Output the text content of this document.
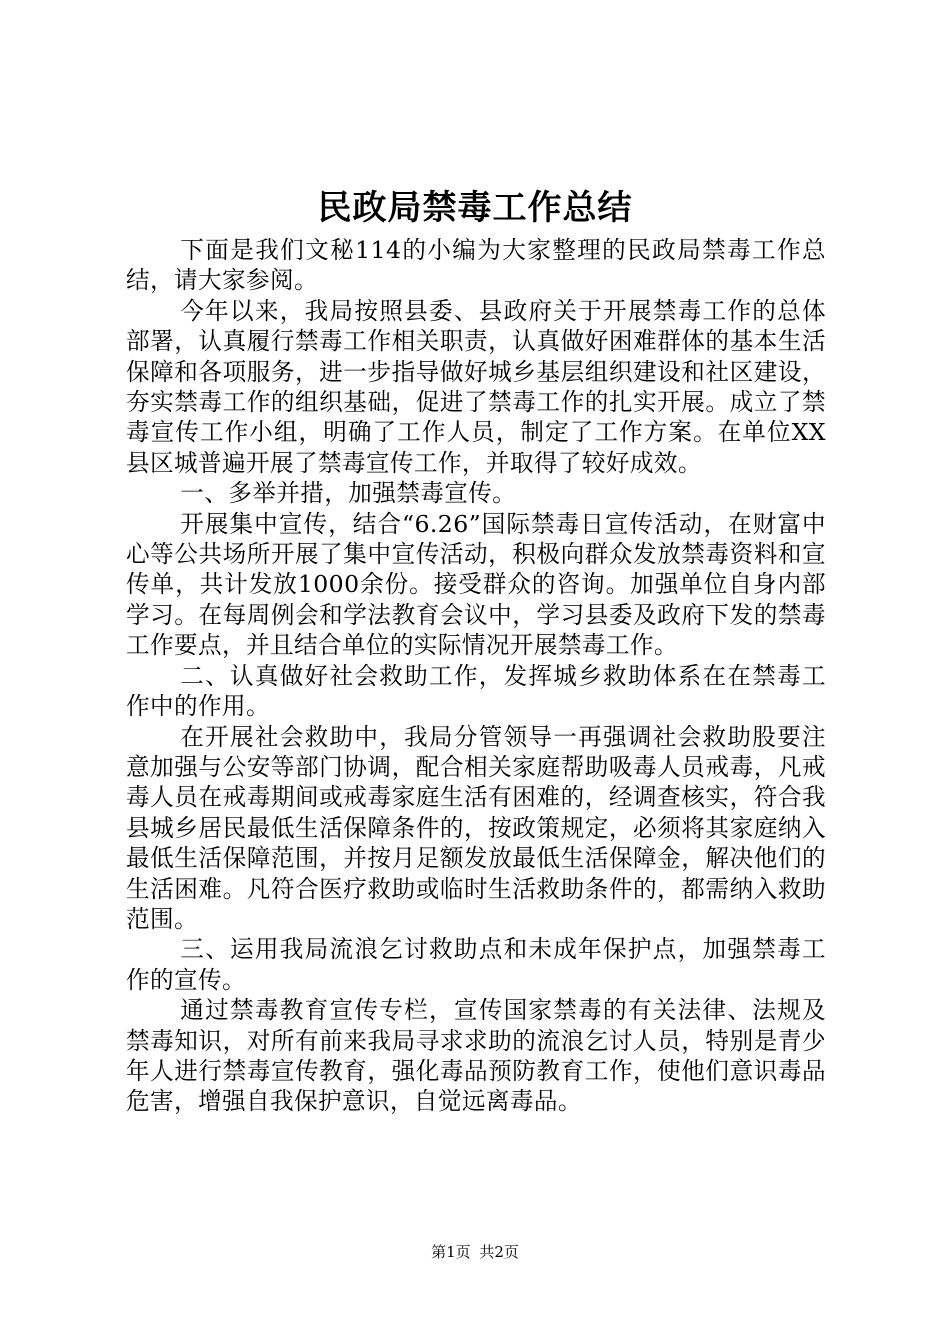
民政局禁毒工作总结

下面是我们文秘114的小编为大家整理的民政局禁毒工作总结，请大家参阅。

今年以来，我局按照县委、县政府关于开展禁毒工作的总体部署，认真履行禁毒工作相关职责，认真做好困难群体的基本生活保障和各项服务，进一步指导做好城乡基层组织建设和社区建设，夯实禁毒工作的组织基础，促进了禁毒工作的扎实开展。成立了禁毒宣传工作小组，明确了工作人员，制定了工作方案。在单位XX县区城普遍开展了禁毒宣传工作，并取得了较好成效。

一、多举并措，加强禁毒宣传。

开展集中宣传，结合“6.26”国际禁毒日宣传活动，在财富中心等公共场所开展了集中宣传活动，积极向群众发放禁毒资料和宣传单，共计发放1000余份。接受群众的咨询。加强单位自身内部学习。在每周例会和学法教育会议中，学习县委及政府下发的禁毒工作要点，并且结合单位的实际情况开展禁毒工作。

二、认真做好社会救助工作，发挥城乡救助体系在在禁毒工作中的作用。

在开展社会救助中，我局分管领导一再强调社会救助股要注意加强与公安等部门协调，配合相关家庭帮助吸毒人员戒毒，凡戒毒人员在戒毒期间或戒毒家庭生活有困难的，经调查核实，符合我县城乡居民最低生活保障条件的，按政策规定，必须将其家庭纳入最低生活保障范围，并按月足额发放最低生活保障金，解决他们的生活困难。凡符合医疗救助或临时生活救助条件的，都需纳入救助范围。

三、运用我局流浪乞讨救助点和未成年保护点，加强禁毒工作的宣传。

通过禁毒教育宣传专栏，宣传国家禁毒的有关法律、法规及禁毒知识，对所有前来我局寻求求助的流浪乞讨人员，特别是青少年人进行禁毒宣传教育，强化毒品预防教育工作，使他们意识毒品危害，增强自我保护意识，自觉远离毒品。

第1页 共2页
